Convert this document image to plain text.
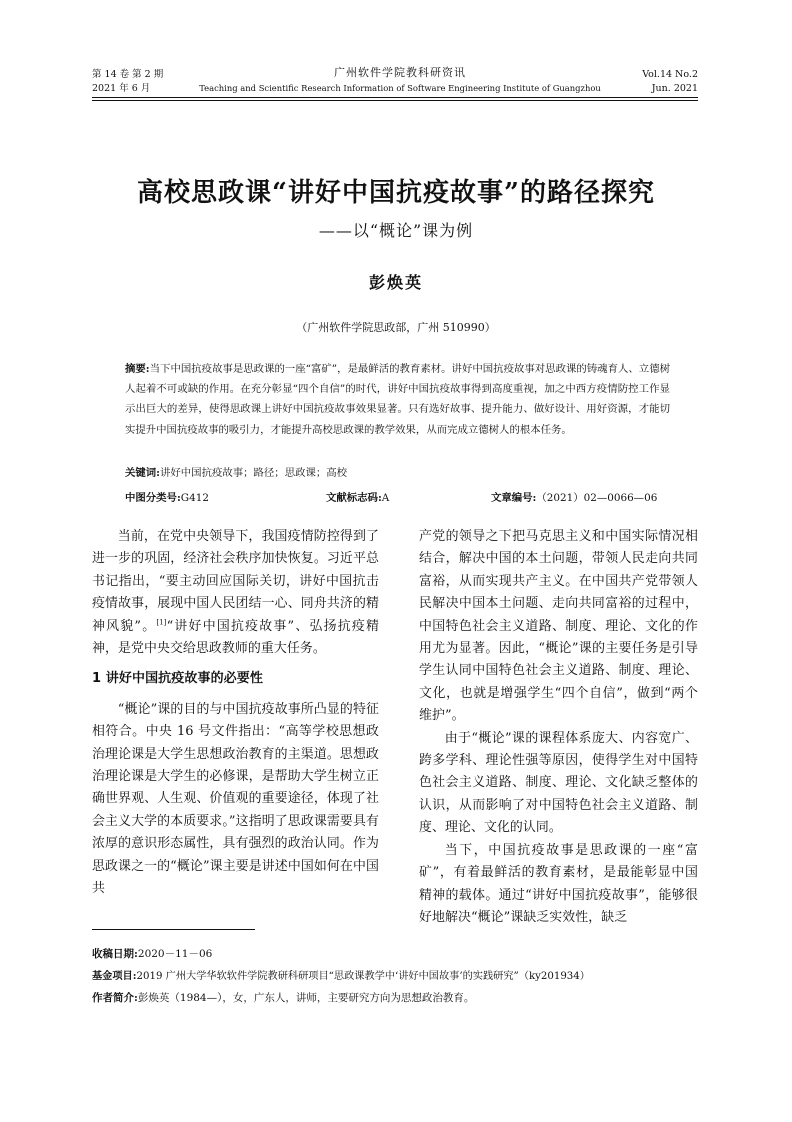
第 14 卷 第 2 期
2021 年 6 月
广州软件学院教科研资讯
Teaching and Scientific Research Information of Software Engineering Institute of Guangzhou
Vol.14 No.2
Jun. 2021
高校思政课“讲好中国抗疫故事”的路径探究
——以“概论”课为例
彭焕英
（广州软件学院思政部，广州 510990）
摘要:当下中国抗疫故事是思政课的一座“富矿”，是最鲜活的教育素材。讲好中国抗疫故事对思政课的铸魂育人、立德树人起着不可或缺的作用。在充分彰显“四个自信”的时代，讲好中国抗疫故事得到高度重视，加之中西方疫情防控工作显示出巨大的差异，使得思政课上讲好中国抗疫故事效果显著。只有选好故事、提升能力、做好设计、用好资源，才能切实提升中国抗疫故事的吸引力，才能提升高校思政课的教学效果，从而完成立德树人的根本任务。
关键词:讲好中国抗疫故事；路径；思政课；高校
中图分类号:G412	文献标志码:A	文章编号:（2021）02—0066—06

当前，在党中央领导下，我国疫情防控得到了进一步的巩固，经济社会秩序加快恢复。习近平总书记指出，“要主动回应国际关切，讲好中国抗击疫情故事，展现中国人民团结一心、同舟共济的精神风貌”。[1]“讲好中国抗疫故事”、弘扬抗疫精神，是党中央交给思政教师的重大任务。

1 讲好中国抗疫故事的必要性

“概论”课的目的与中国抗疫故事所凸显的特征相符合。中央 16 号文件指出：“高等学校思想政治理论课是大学生思想政治教育的主渠道。思想政治理论课是大学生的必修课，是帮助大学生树立正确世界观、人生观、价值观的重要途径，体现了社会主义大学的本质要求。”这指明了思政课需要具有浓厚的意识形态属性，具有强烈的政治认同。作为思政课之一的“概论”课主要是讲述中国如何在中国共

产党的领导之下把马克思主义和中国实际情况相结合，解决中国的本土问题，带领人民走向共同富裕，从而实现共产主义。在中国共产党带领人民解决中国本土问题、走向共同富裕的过程中，中国特色社会主义道路、制度、理论、文化的作用尤为显著。因此，“概论”课的主要任务是引导学生认同中国特色社会主义道路、制度、理论、文化，也就是增强学生“四个自信”，做到“两个维护”。

由于“概论”课的课程体系庞大、内容宽广、跨多学科、理论性强等原因，使得学生对中国特色社会主义道路、制度、理论、文化缺乏整体的认识，从而影响了对中国特色社会主义道路、制度、理论、文化的认同。

当下，中国抗疫故事是思政课的一座“富矿”，有着最鲜活的教育素材，是最能彰显中国精神的载体。通过“讲好中国抗疫故事”，能够很好地解决“概论”课缺乏实效性，缺乏

收稿日期:2020－11－06
基金项目:2019 广州大学华软软件学院教研科研项目“思政课教学中‘讲好中国故事’的实践研究”（ky201934）
作者简介:彭焕英（1984—），女，广东人，讲师，主要研究方向为思想政治教育。
